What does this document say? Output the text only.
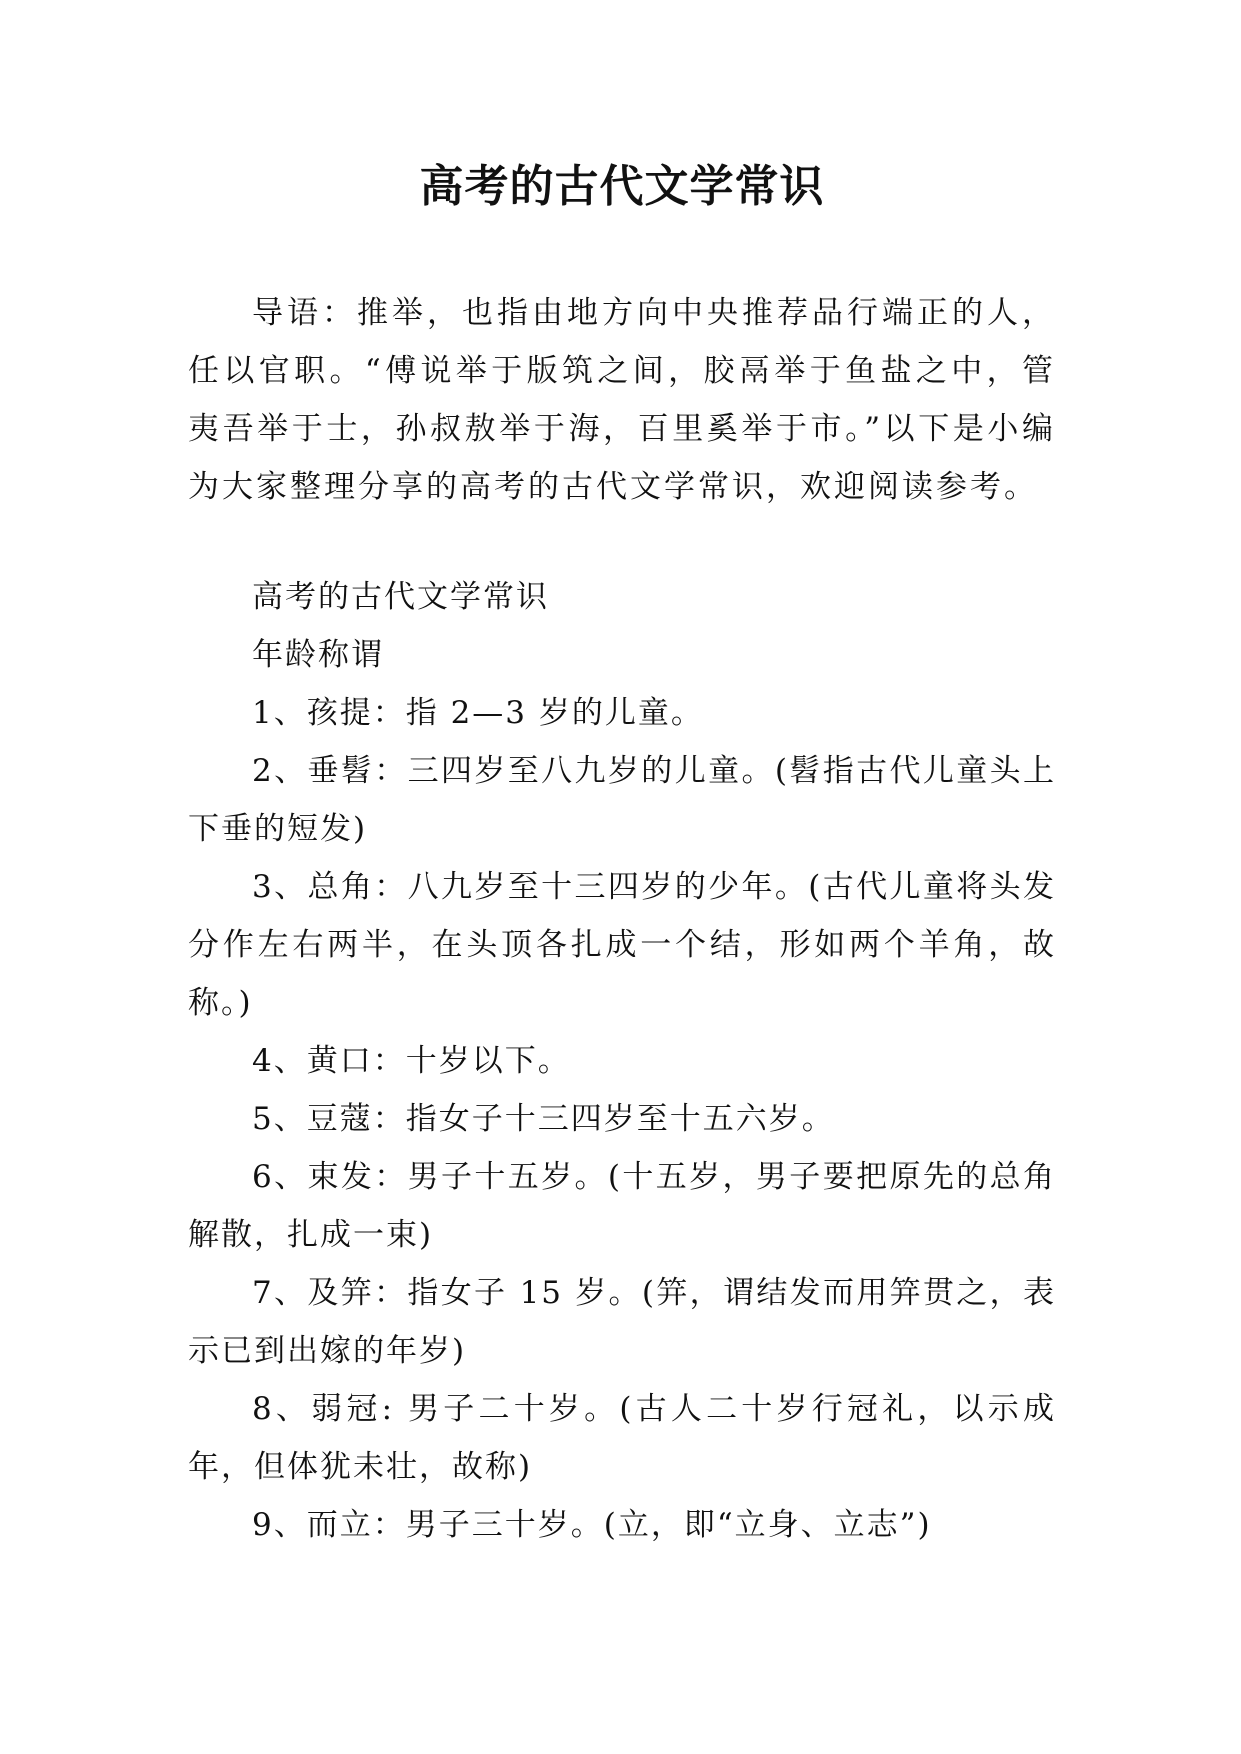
高考的古代文学常识

导语：推举，也指由地方向中央推荐品行端正的人，任以官职。“傅说举于版筑之间，胶鬲举于鱼盐之中，管夷吾举于士，孙叔敖举于海，百里奚举于市。”以下是小编为大家整理分享的高考的古代文学常识，欢迎阅读参考。

高考的古代文学常识

年龄称谓

1、孩提：指 2—3 岁的儿童。

2、垂髫：三四岁至八九岁的儿童。(髫指古代儿童头上下垂的短发)

3、总角：八九岁至十三四岁的少年。(古代儿童将头发分作左右两半，在头顶各扎成一个结，形如两个羊角，故称。)

4、黄口：十岁以下。

5、豆蔻：指女子十三四岁至十五六岁。

6、束发：男子十五岁。(十五岁，男子要把原先的总角解散，扎成一束)

7、及笄：指女子 15 岁。(笄，谓结发而用笄贯之，表示已到出嫁的年岁)

8、弱冠: 男子二十岁。(古人二十岁行冠礼，以示成年，但体犹未壮，故称)

9、而立：男子三十岁。(立，即“立身、立志”)
